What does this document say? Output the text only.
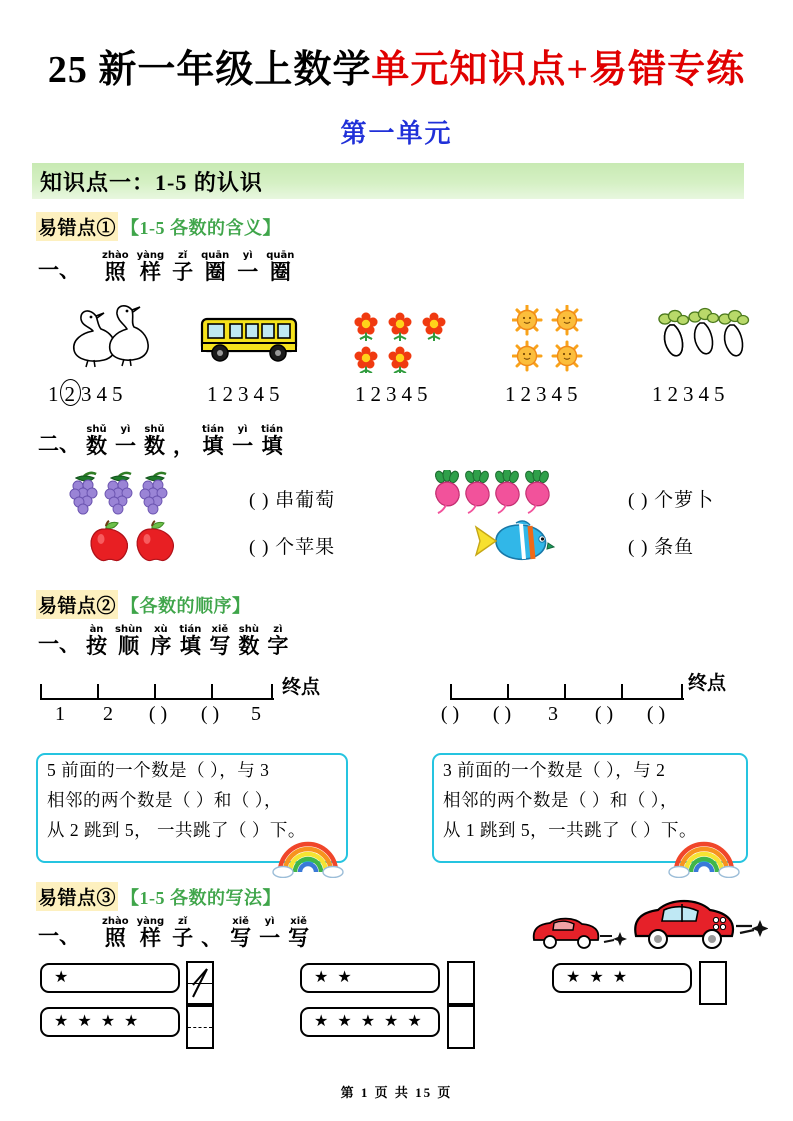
25 新一年级上数学单元知识点+易错专练
第一单元
知识点一：1-5 的认识
易错点① 【1-5 各数的含义】
一、
zhào
照

yàng
样

zǐ
子

quān
圈

yì
一

quān
圈
12345	12345	12345	12345	12345
二、
shǔ
数

yì
一

shǔ
数

，

tián
填

yì
一

tián
填
( ) 串葡萄	( ) 个萝卜
( ) 个苹果	( ) 条鱼
易错点② 【各数的顺序】
一、
àn
按

shùn
顺

xù
序

tián
填

xiě
写

shù
数

zì
字
终点
1 2 ( ) ( ) 5
终点
( ) ( ) 3 ( ) ( )

5 前面的一个数是（ ），与 3

相邻的两个数是（ ）和（ ），

从 2 跳到 5， 一共跳了（ ）下。

3 前面的一个数是（ ），与 2

相邻的两个数是（ ）和（ ），

从 1 跳到 5，一共跳了（ ）下。

易错点③ 【1-5 各数的写法】
一、
zhào
照

yàng
样

zǐ
子

、

xiě
写

yì
一

xiě
写
★
★★★★
★★
★★★★★
★★★
第 1 页 共 15 页
